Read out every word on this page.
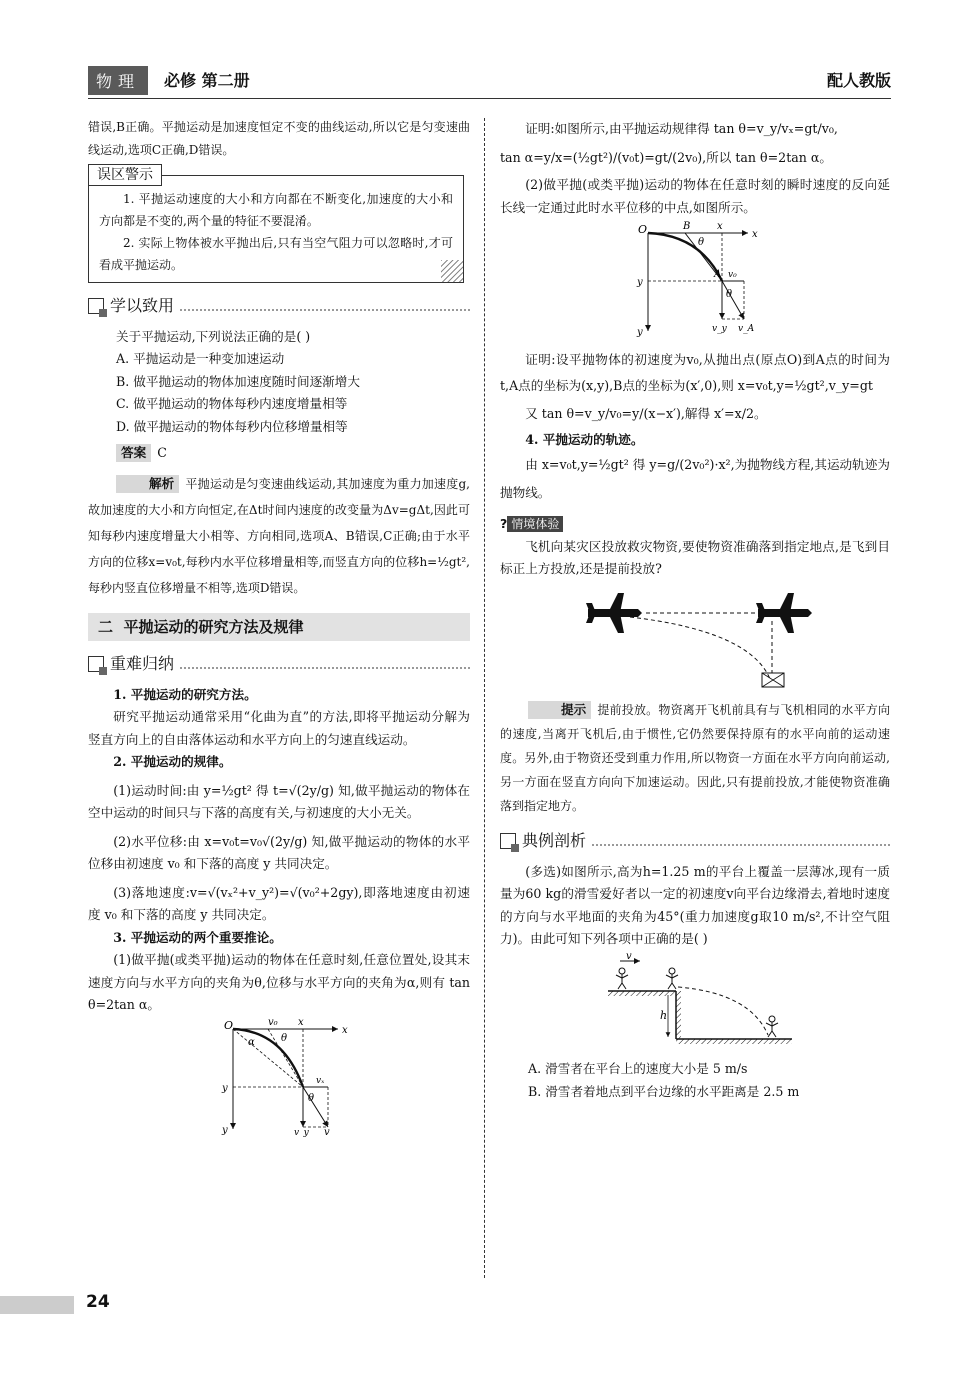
物理	必修 第二册	配人教版

错误,B正确。平抛运动是加速度恒定不变的曲线运动,所以它是匀变速曲线运动,选项C正确,D错误。

误区警示

1. 平抛运动速度的大小和方向都在不断变化,加速度的大小和方向都是不变的,两个量的特征不要混淆。

2. 实际上物体被水平抛出后,只有当空气阻力可以忽略时,才可看成平抛运动。

学以致用

关于平抛运动,下列说法正确的是( )

A. 平抛运动是一种变加速运动

B. 做平抛运动的物体加速度随时间逐渐增大

C. 做平抛运动的物体每秒内速度增量相等

D. 做平抛运动的物体每秒内位移增量相等

答案 C

解析 平抛运动是匀变速曲线运动,其加速度为重力加速度g,故加速度的大小和方向恒定,在Δt时间内速度的改变量为Δv=gΔt,因此可知每秒内速度增量大小相等、方向相同,选项A、B错误,C正确;由于水平方向的位移x=v₀t,每秒内水平位移增量相等,而竖直方向的位移h=½gt²,每秒内竖直位移增量不相等,选项D错误。

二 平抛运动的研究方法及规律
重难归纳

1. 平抛运动的研究方法。

研究平抛运动通常采用“化曲为直”的方法,即将平抛运动分解为竖直方向上的自由落体运动和水平方向上的匀速直线运动。

2. 平抛运动的规律。

(1)运动时间:由 y=½gt² 得 t=√(2y/g) 知,做平抛运动的物体在空中运动的时间只与下落的高度有关,与初速度的大小无关。

(2)水平位移:由 x=v₀t=v₀√(2y/g) 知,做平抛运动的物体的水平位移由初速度 v₀ 和下落的高度 y 共同决定。

(3)落地速度:v=√(vₓ²+v_y²)=√(v₀²+2gy),即落地速度由初速度 v₀ 和下落的高度 y 共同决定。

3. 平抛运动的两个重要推论。

(1)做平抛(或类平抛)运动的物体在任意时刻,任意位置处,设其末速度方向与水平方向的夹角为θ,位移与水平方向的夹角为α,则有 tan θ=2tan α。

O	v₀ x
x
α	θ
y
vₓ
θ
y	v_y v

证明:如图所示,由平抛运动规律得 tan θ=v_y/vₓ=gt/v₀,

tan α=y/x=(½gt²)/(v₀t)=gt/(2v₀),所以 tan θ=2tan α。

(2)做平抛(或类平抛)运动的物体在任意时刻的瞬时速度的反向延长线一定通过此时水平位移的中点,如图所示。

O	B	x
x
θ
y
A v₀
θ
y	v_y v_A

证明:设平抛物体的初速度为v₀,从抛出点(原点O)到A点的时间为t,A点的坐标为(x,y),B点的坐标为(x′,0),则 x=v₀t,y=½gt²,v_y=gt

又 tan θ=v_y/v₀=y/(x−x′),解得 x′=x/2。

4. 平抛运动的轨迹。

由 x=v₀t,y=½gt² 得 y=g/(2v₀²)·x²,为抛物线方程,其运动轨迹为抛物线。

? 情境体验

飞机向某灾区投放救灾物资,要使物资准确落到指定地点,是飞到目标正上方投放,还是提前投放?

提示 提前投放。物资离开飞机前具有与飞机相同的水平方向的速度,当离开飞机后,由于惯性,它仍然要保持原有的水平向前的运动速度。另外,由于物资还受到重力作用,所以物资一方面在水平方向向前运动,另一方面在竖直方向向下加速运动。因此,只有提前投放,才能使物资准确落到指定地方。

典例剖析

(多选)如图所示,高为h=1.25 m的平台上覆盖一层薄冰,现有一质量为60 kg的滑雪爱好者以一定的初速度v向平台边缘滑去,着地时速度的方向与水平地面的夹角为45°(重力加速度g取10 m/s²,不计空气阻力)。由此可知下列各项中正确的是( )

v
h

A. 滑雪者在平台上的速度大小是 5 m/s

B. 滑雪者着地点到平台边缘的水平距离是 2.5 m

24
